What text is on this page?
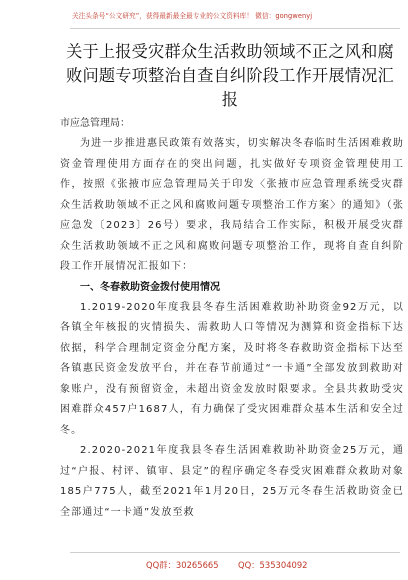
关注头条号“公文研究”，获得最新最全最专业的公文资料库！ 微信：gongwenyj
关于上报受灾群众生活救助领域不正之风和腐败问题专项整治自查自纠阶段工作开展情况汇报

市应急管理局：

为进一步推进惠民政策有效落实，切实解决冬春临时生活困难救助资金管理使用方面存在的突出问题，扎实做好专项资金管理使用工作，按照《张掖市应急管理局关于印发〈张掖市应急管理系统受灾群众生活救助领域不正之风和腐败问题专项整治工作方案〉的通知》（张应急发〔2023〕26号）要求，我局结合工作实际，积极开展受灾群众生活救助领域不正之风和腐败问题专项整治工作，现将自查自纠阶段工作开展情况汇报如下：

一、冬春救助资金拨付使用情况

1.2019-2020年度我县冬春生活困难救助补助资金92万元，以各镇全年核报的灾情损失、需救助人口等情况为测算和资金指标下达依据，科学合理制定资金分配方案，及时将冬春救助资金指标下达至各镇惠民资金发放平台，并在春节前通过“一卡通”全部发放到救助对象账户，没有预留资金，未超出资金发放时限要求。全县共救助受灾困难群众457户1687人，有力确保了受灾困难群众基本生活和安全过冬。

2.2020-2021年度我县冬春生活困难救助补助资金25万元，通过“户报、村评、镇审、县定”的程序确定冬春受灾困难群众救助对象185户775人，截至2021年1月20日，25万元冬春生活救助资金已全部通过“一卡通”发放至救

QQ群：30265665 QQ：535304092
